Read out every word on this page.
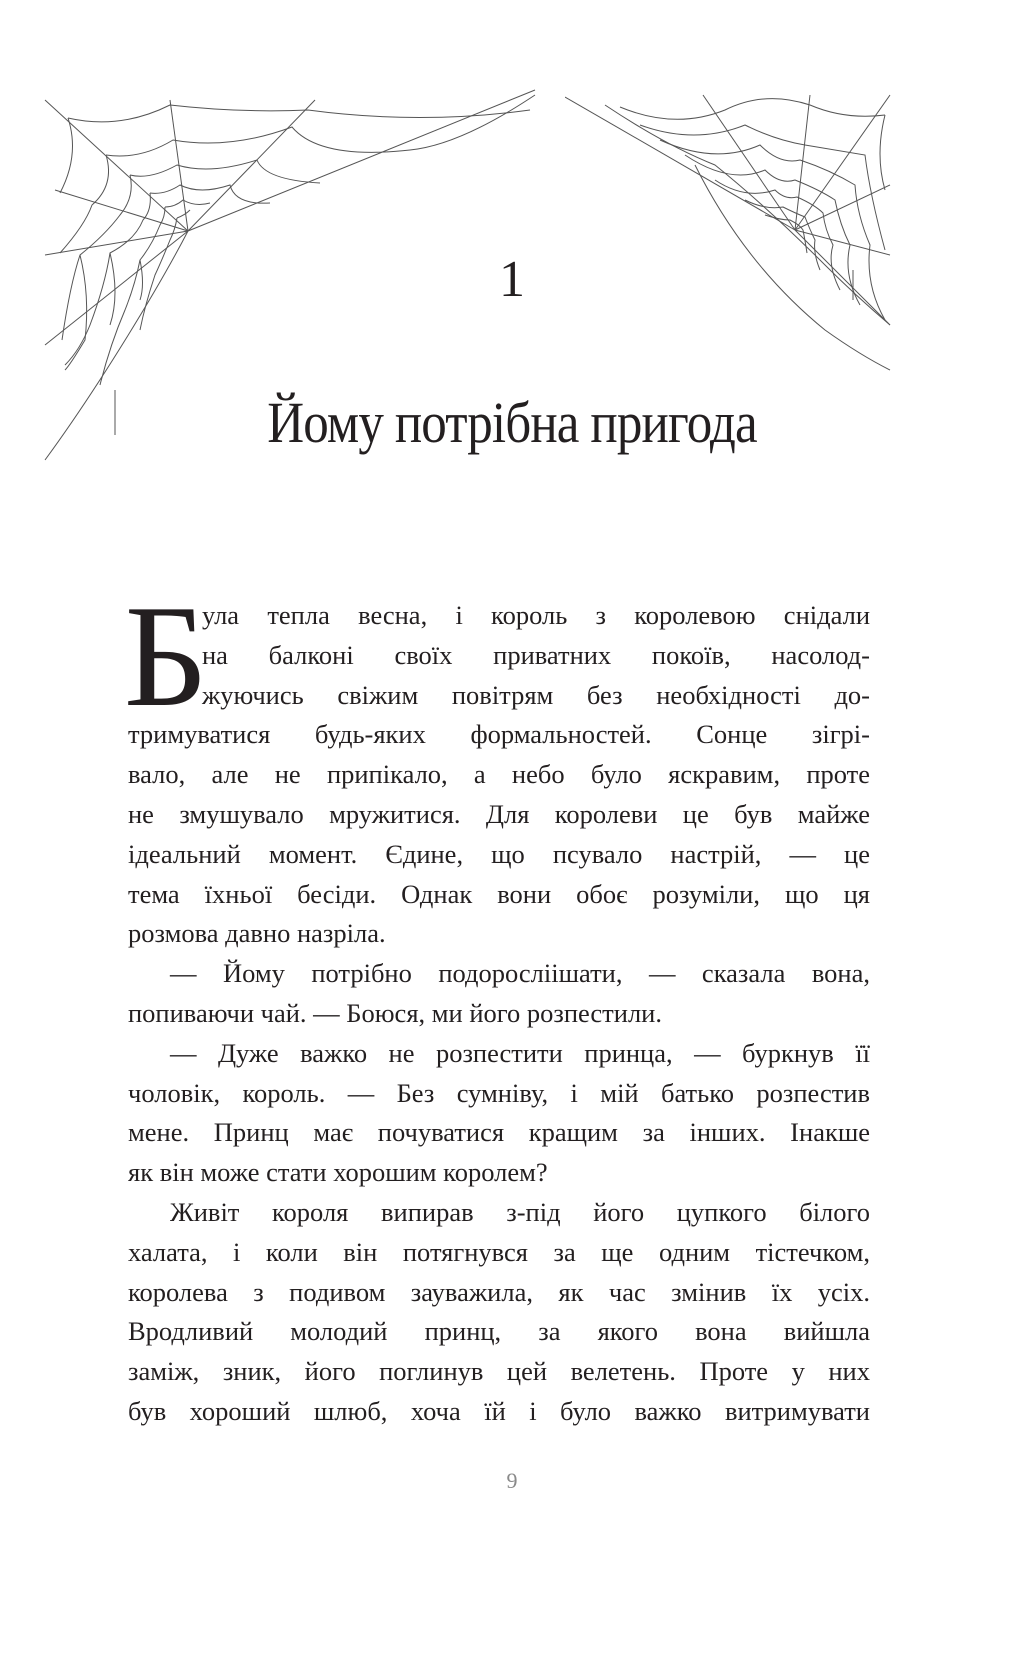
1
Йому потрібна пригода
Б
ула тепла весна, і король з королевою снідали
на балконі своїх приватних покоїв, насолод-
жуючись свіжим повітрям без необхідності до-
тримуватися будь-яких формальностей. Сонце зігрі-
вало, але не припікало, а небо було яскравим, проте
не змушувало мружитися. Для королеви це був майже
ідеальний момент. Єдине, що псувало настрій, — це
тема їхньої бесіди. Однак вони обоє розуміли, що ця
розмова давно назріла.
— Йому потрібно подоросліішати, — сказала вона,
попиваючи чай. — Боюся, ми його розпестили.
— Дуже важко не розпестити принца, — буркнув її
чоловік, король. — Без сумніву, і мій батько розпестив
мене. Принц має почуватися кращим за інших. Інакше
як він може стати хорошим королем?
Живіт короля випирав з-під його цупкого білого
халата, і коли він потягнувся за ще одним тістечком,
королева з подивом зауважила, як час змінив їх усіх.
Вродливий молодий принц, за якого вона вийшла
заміж, зник, його поглинув цей велетень. Проте у них
був хороший шлюб, хоча їй і було важко витримувати
9
